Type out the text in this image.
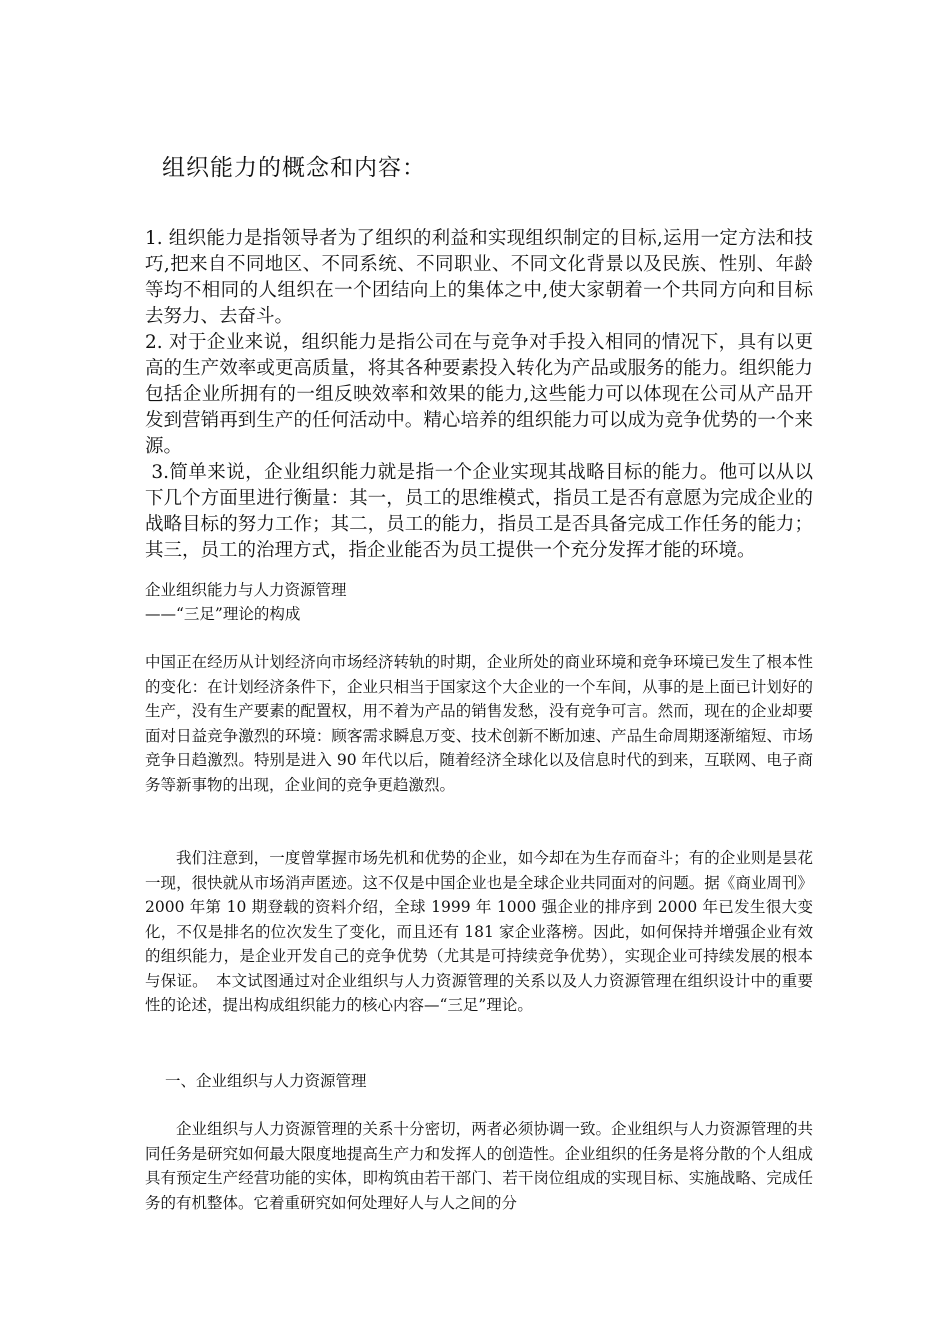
组织能力的概念和内容：

1. 组织能力是指领导者为了组织的利益和实现组织制定的目标,运用一定方法和技巧,把来自不同地区、不同系统、不同职业、不同文化背景以及民族、性别、年龄等均不相同的人组织在一个团结向上的集体之中,使大家朝着一个共同方向和目标去努力、去奋斗。

2. 对于企业来说，组织能力是指公司在与竞争对手投入相同的情况下，具有以更高的生产效率或更高质量，将其各种要素投入转化为产品或服务的能力。组织能力包括企业所拥有的一组反映效率和效果的能力,这些能力可以体现在公司从产品开发到营销再到生产的任何活动中。精心培养的组织能力可以成为竞争优势的一个来源。

3.简单来说，企业组织能力就是指一个企业实现其战略目标的能力。他可以从以下几个方面里进行衡量：其一，员工的思维模式，指员工是否有意愿为完成企业的战略目标的努力工作；其二，员工的能力，指员工是否具备完成工作任务的能力；其三，员工的治理方式，指企业能否为员工提供一个充分发挥才能的环境。

企业组织能力与人力资源管理

——“三足”理论的构成

中国正在经历从计划经济向市场经济转轨的时期，企业所处的商业环境和竞争环境已发生了根本性的变化：在计划经济条件下，企业只相当于国家这个大企业的一个车间，从事的是上面已计划好的生产，没有生产要素的配置权，用不着为产品的销售发愁，没有竞争可言。然而，现在的企业却要面对日益竞争激烈的环境：顾客需求瞬息万变、技术创新不断加速、产品生命周期逐渐缩短、市场竞争日趋激烈。特别是进入 90 年代以后，随着经济全球化以及信息时代的到来，互联网、电子商务等新事物的出现，企业间的竞争更趋激烈。

我们注意到，一度曾掌握市场先机和优势的企业，如今却在为生存而奋斗；有的企业则是昙花一现，很快就从市场消声匿迹。这不仅是中国企业也是全球企业共同面对的问题。据《商业周刊》2000 年第 10 期登载的资料介绍，全球 1999 年 1000 强企业的排序到 2000 年已发生很大变化，不仅是排名的位次发生了变化，而且还有 181 家企业落榜。因此，如何保持并增强企业有效的组织能力，是企业开发自己的竞争优势（尤其是可持续竞争优势），实现企业可持续发展的根本与保证。　本文试图通过对企业组织与人力资源管理的关系以及人力资源管理在组织设计中的重要性的论述，提出构成组织能力的核心内容—“三足”理论。

一、企业组织与人力资源管理

企业组织与人力资源管理的关系十分密切，两者必须协调一致。企业组织与人力资源管理的共同任务是研究如何最大限度地提高生产力和发挥人的创造性。企业组织的任务是将分散的个人组成具有预定生产经营功能的实体，即构筑由若干部门、若干岗位组成的实现目标、实施战略、完成任务的有机整体。它着重研究如何处理好人与人之间的分
